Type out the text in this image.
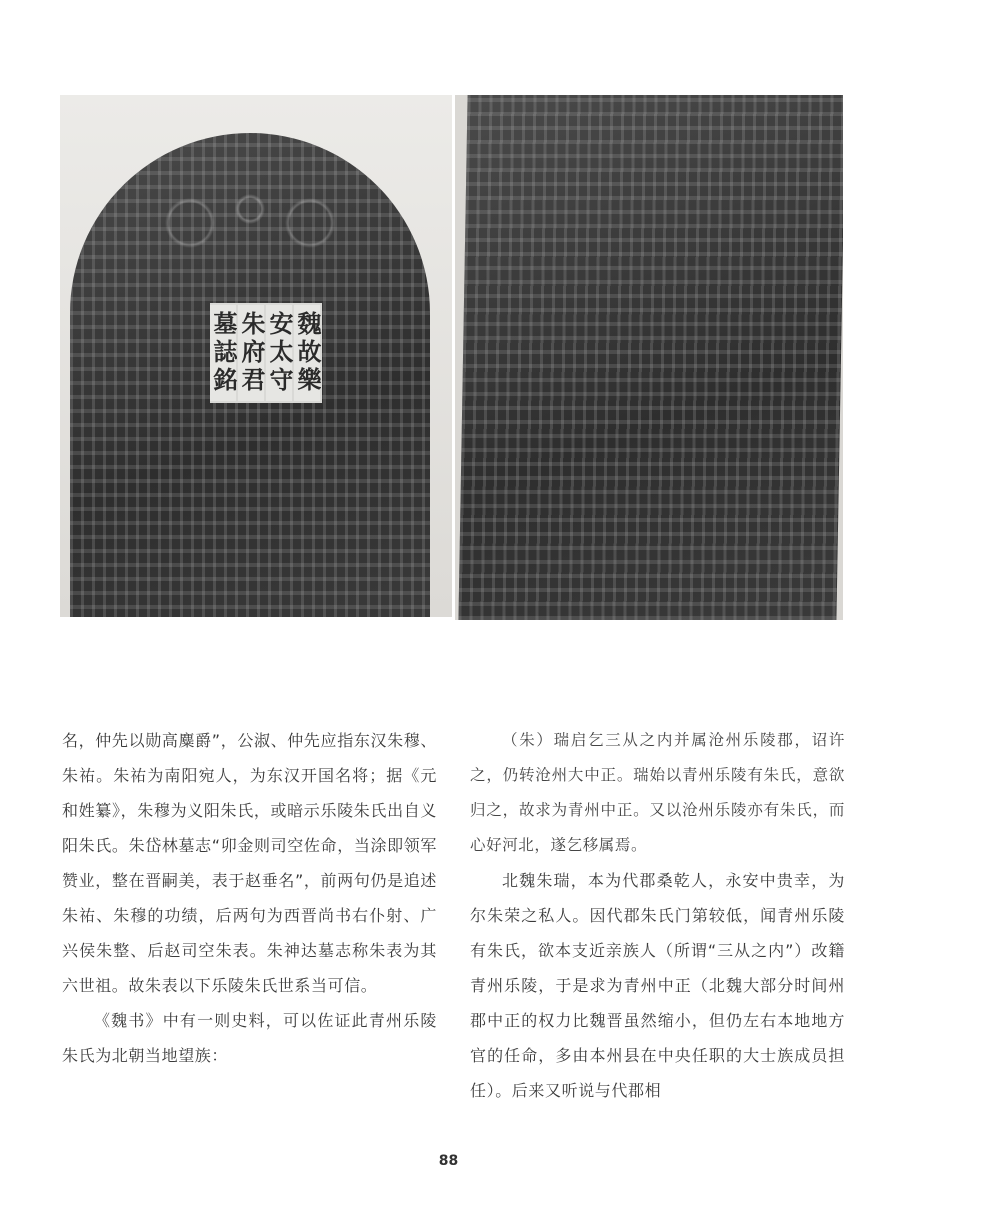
魏故樂
安太守
朱府君
墓誌銘

名，仲先以勋高麋爵”，公淑、仲先应指东汉朱穆、朱祐。朱祐为南阳宛人，为东汉开国名将；据《元和姓纂》，朱穆为义阳朱氏，或暗示乐陵朱氏出自义阳朱氏。朱岱林墓志“卯金则司空佐命，当涂即领军赞业，整在晋嗣美，表于赵垂名”，前两句仍是追述朱祐、朱穆的功绩，后两句为西晋尚书右仆射、广兴侯朱整、后赵司空朱表。朱神达墓志称朱表为其六世祖。故朱表以下乐陵朱氏世系当可信。

《魏书》中有一则史料，可以佐证此青州乐陵朱氏为北朝当地望族：

（朱）瑞启乞三从之内并属沧州乐陵郡，诏许之，仍转沧州大中正。瑞始以青州乐陵有朱氏，意欲归之，故求为青州中正。又以沧州乐陵亦有朱氏，而心好河北，遂乞移属焉。

北魏朱瑞，本为代郡桑乾人，永安中贵幸，为尔朱荣之私人。因代郡朱氏门第较低，闻青州乐陵有朱氏，欲本支近亲族人（所谓“三从之内”）改籍青州乐陵，于是求为青州中正（北魏大部分时间州郡中正的权力比魏晋虽然缩小，但仍左右本地地方官的任命，多由本州县在中央任职的大士族成员担任）。后来又听说与代郡相

88
